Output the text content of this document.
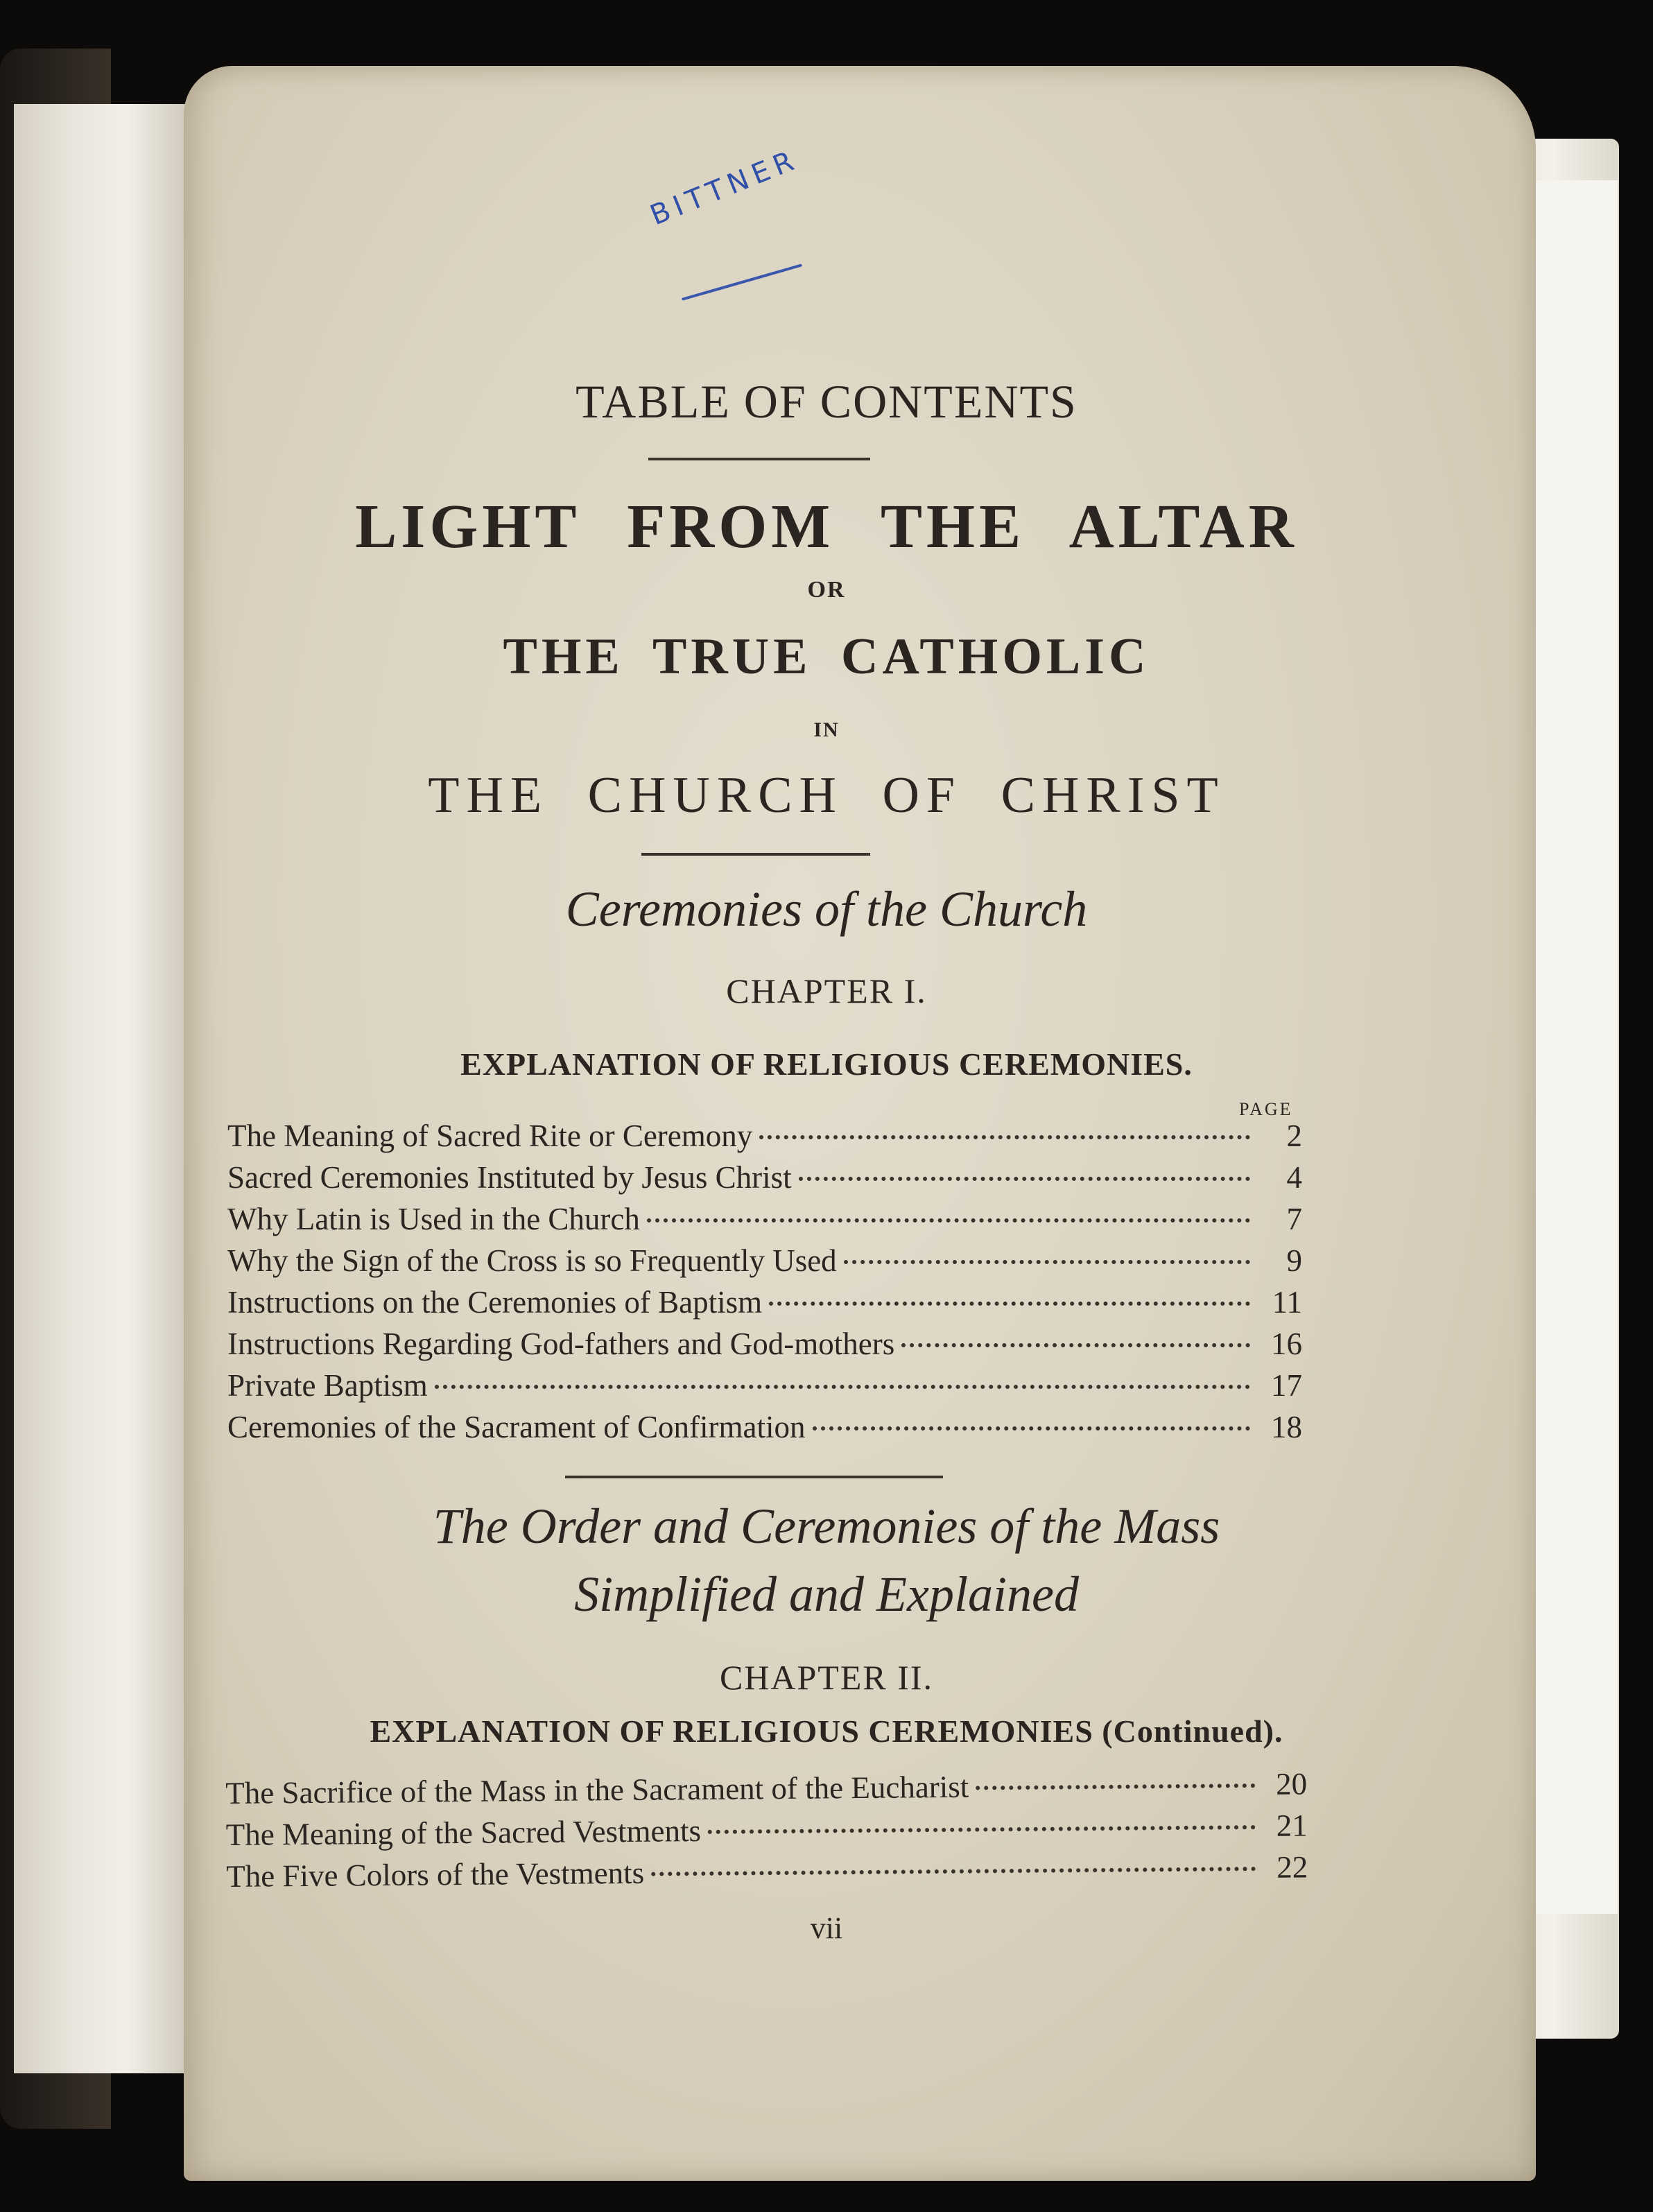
BITTNER
TABLE OF CONTENTS
LIGHT FROM THE ALTAR
OR
THE TRUE CATHOLIC
IN
THE CHURCH OF CHRIST
Ceremonies of the Church
CHAPTER I.
EXPLANATION OF RELIGIOUS CEREMONIES.
PAGE
The Meaning of Sacred Rite or Ceremony	2
Sacred Ceremonies Instituted by Jesus Christ	4
Why Latin is Used in the Church	7
Why the Sign of the Cross is so Frequently Used	9
Instructions on the Ceremonies of Baptism	11
Instructions Regarding God-fathers and God-mothers	16
Private Baptism	17
Ceremonies of the Sacrament of Confirmation	18
The Order and Ceremonies of the Mass
Simplified and Explained
CHAPTER II.
EXPLANATION OF RELIGIOUS CEREMONIES (Continued).
The Sacrifice of the Mass in the Sacrament of the Eucharist	20
The Meaning of the Sacred Vestments	21
The Five Colors of the Vestments	22
vii
